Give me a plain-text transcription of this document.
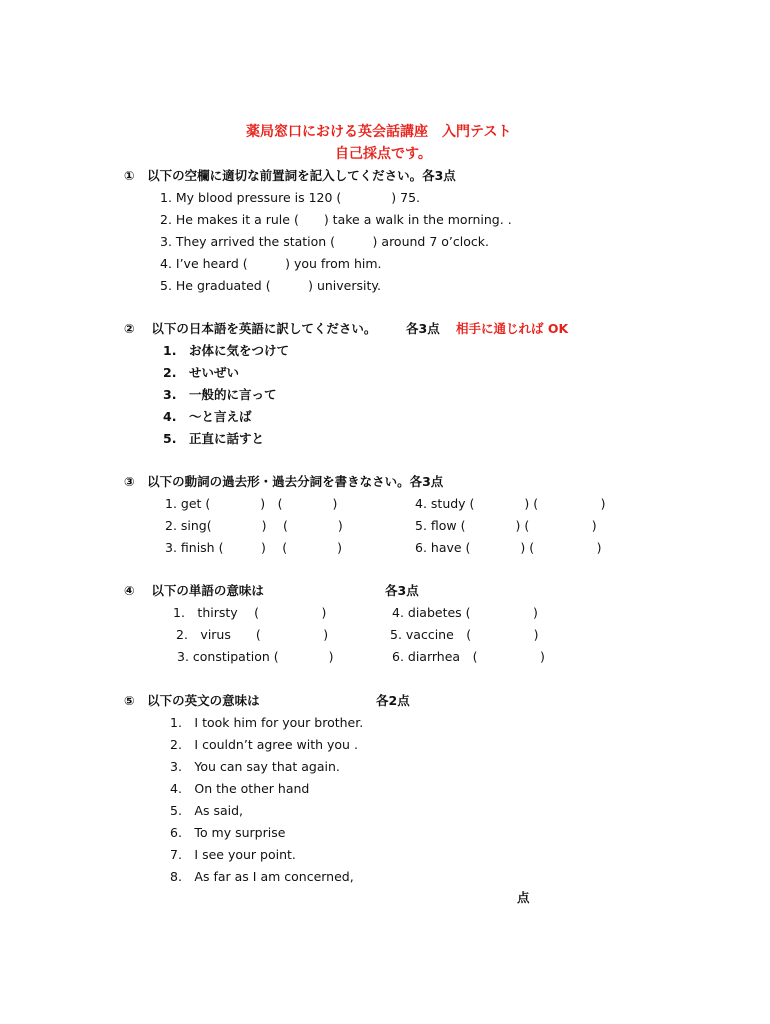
薬局窓口における英会話講座　入門テスト
自己採点です。
①　以下の空欄に適切な前置詞を記入してください。各3点
1. My blood pressure is 120 (　　　　) 75.
2. He makes it a rule (　　) take a walk in the morning. .
3. They arrived the station (　　　) around 7 o’clock.
4. I’ve heard (　　　) you from him.
5. He graduated (　　　) university.
②　 以下の日本語を英語に訳してください。 各3点 相手に通じれば OK
1.　お体に気をつけて
2.　せいぜい
3.　一般的に言って
4.　～と言えば
5.　正直に話すと
③　以下の動詞の過去形・過去分詞を書きなさい。各3点
1. get (　　　　)　(　　　　)
2. sing(　　　　)　 (　　　　)
3. finish (　　　)　 (　　　　)
4. study (　　　　) (　　　　　)
5. flow (　　　　) (　　　　　)
6. have (　　　　) (　　　　　)
④　 以下の単語の意味は	各3点
1.　thirsty　 (　　　　　)
2.　virus　　(　　　　　)
3. constipation (　　　　)
4. diabetes (　　　　　)
5. vaccine　(　　　　　)
6. diarrhea　(　　　　　)
⑤　以下の英文の意味は	各2点
1.　I took him for your brother.
2.　I couldn’t agree with you .
3.　You can say that again.
4.　On the other hand
5.　As said,
6.　To my surprise
7.　I see your point.
8.　As far as I am concerned,
点
